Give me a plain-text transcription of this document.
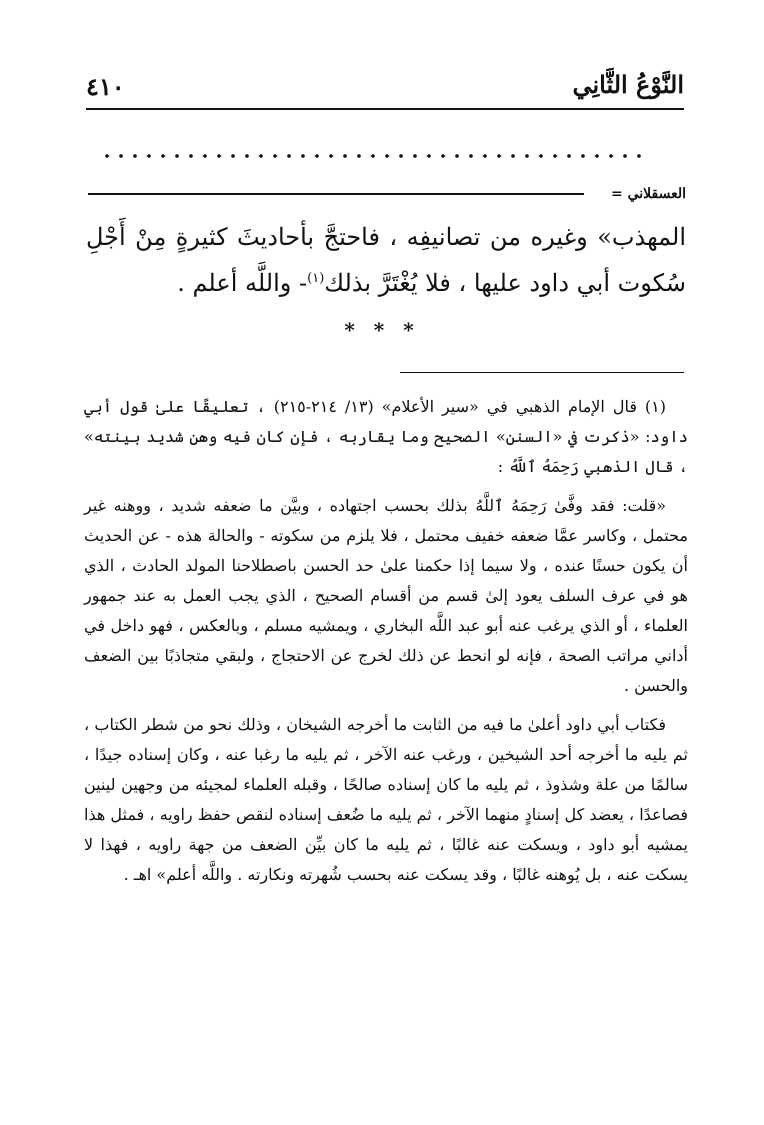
النَّوْعُ الثَّانِي
٤١٠
العسقلاني =

المهذب» وغيره من تصانيفِه ، فاحتجَّ بأحاديثَ كثيرةٍ مِنْ أَجْلِ سُكوت أبي داود عليها ، فلا يُغْتَرَّ بذلك$^{(١)}$- واللَّه أعلم .

* * *

(١) قال الإمام الذهبي في «سير الأعلام» (١٣/ ٢١٤-٢١٥) ، تعليقًا علىٰ قول أبي داود: «ذكرت في «السنن» الصحيح وما يقاربه ، فإن كان فيه وهن شديد بينته» ، قال الذهبي رَحِمَهُ ٱللَّهُ :

«قلت: فقد وفَّىٰ رَحِمَهُ ٱللَّهُ بذلك بحسب اجتهاده ، وبيَّن ما ضعفه شديد ، ووهنه غير محتمل ، وكاسر عمَّا ضعفه خفيف محتمل ، فلا يلزم من سكوته - والحالة هذه - عن الحديث أن يكون حسنًا عنده ، ولا سيما إذا حكمنا علىٰ حد الحسن باصطلاحنا المولد الحادث ، الذي هو في عرف السلف يعود إلىٰ قسم من أقسام الصحيح ، الذي يجب العمل به عند جمهور العلماء ، أو الذي يرغب عنه أبو عبد اللَّه البخاري ، ويمشيه مسلم ، وبالعكس ، فهو داخل في أداني مراتب الصحة ، فإنه لو انحط عن ذلك لخرج عن الاحتجاج ، ولبقي متجاذبًا بين الضعف والحسن .

فكتاب أبي داود أعلىٰ ما فيه من الثابت ما أخرجه الشيخان ، وذلك نحو من شطر الكتاب ، ثم يليه ما أخرجه أحد الشيخين ، ورغب عنه الآخر ، ثم يليه ما رغبا عنه ، وكان إسناده جيدًا ، سالمًا من علة وشذوذ ، ثم يليه ما كان إسناده صالحًا ، وقبله العلماء لمجيئه من وجهين لينين فصاعدًا ، يعضد كل إسنادٍ منهما الآخر ، ثم يليه ما ضُعف إسناده لنقص حفظ راويه ، فمثل هذا يمشيه أبو داود ، ويسكت عنه غالبًا ، ثم يليه ما كان بيِّن الضعف من جهة راويه ، فهذا لا يسكت عنه ، بل يُوهنه غالبًا ، وقد يسكت عنه بحسب شُهرته ونكارته . واللَّه أعلم» اهـ .
